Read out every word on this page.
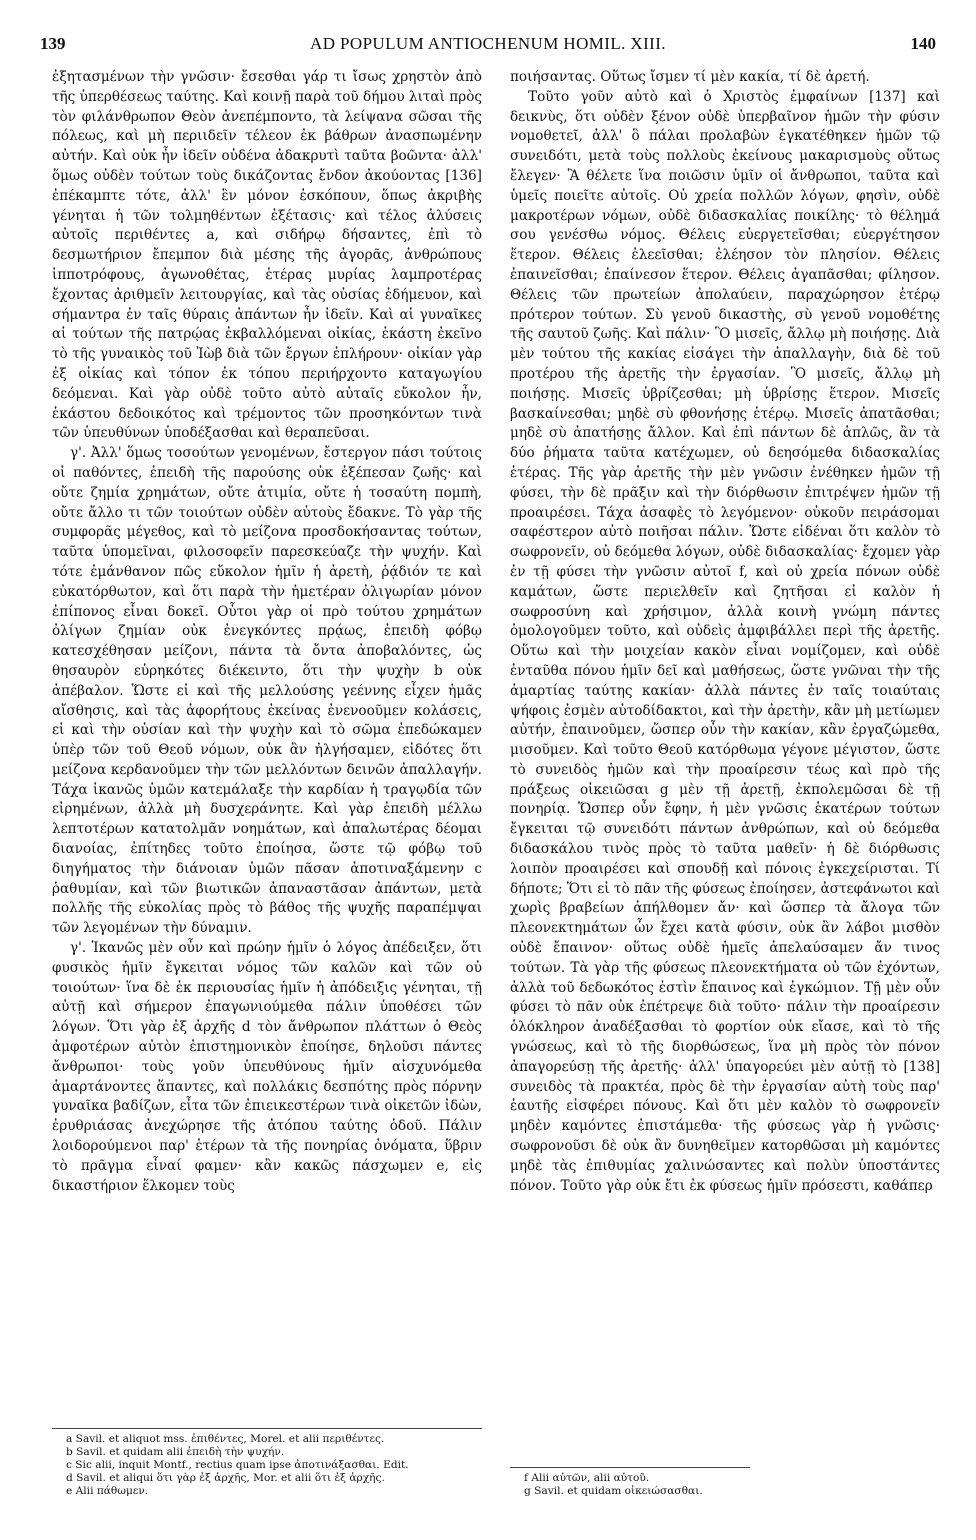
139	AD POPULUM ANTIOCHENUM HOMIL. XIII.	140

ἐξητασμένων τὴν γνῶσιν· ἔσεσθαι γάρ τι ἴσως χρηστὸν ἀπὸ τῆς ὑπερθέσεως ταύτης. Καὶ κοινῇ παρὰ τοῦ δήμου λιταὶ πρὸς τὸν φιλάνθρωπον Θεὸν ἀνεπέμποντο, τὰ λείψανα σῶσαι τῆς πόλεως, καὶ μὴ περιιδεῖν τέλεον ἐκ βάθρων ἀνασπωμένην αὐτήν. Καὶ οὐκ ἦν ἰδεῖν οὐδένα ἀδακρυτὶ ταῦτα βοῶντα· ἀλλ' ὅμως οὐδὲν τούτων τοὺς δικάζοντας ἔνδον ἀκούοντας [136] ἐπέκαμπτε τότε, ἀλλ' ἓν μόνον ἐσκόπουν, ὅπως ἀκριβὴς γένηται ἡ τῶν τολμηθέντων ἐξέτασις· καὶ τέλος ἁλύσεις αὐτοῖς περιθέντες a, καὶ σιδήρῳ δήσαντες, ἐπὶ τὸ δεσμωτήριον ἔπεμπον διὰ μέσης τῆς ἀγορᾶς, ἀνθρώπους ἱπποτρόφους, ἀγωνοθέτας, ἑτέρας μυρίας λαμπροτέρας ἔχοντας ἀριθμεῖν λειτουργίας, καὶ τὰς οὐσίας ἐδήμευον, καὶ σήμαντρα ἐν ταῖς θύραις ἁπάντων ἦν ἰδεῖν. Καὶ αἱ γυναῖκες αἱ τούτων τῆς πατρῴας ἐκβαλλόμεναι οἰκίας, ἑκάστη ἐκεῖνο τὸ τῆς γυναικὸς τοῦ Ἰὼβ διὰ τῶν ἔργων ἐπλήρουν· οἰκίαν γὰρ ἐξ οἰκίας καὶ τόπον ἐκ τόπου περιήρχοντο καταγωγίου δεόμεναι. Καὶ γὰρ οὐδὲ τοῦτο αὐτὸ αὐταῖς εὔκολον ἦν, ἑκάστου δεδοικότος καὶ τρέμοντος τῶν προσηκόντων τινὰ τῶν ὑπευθύνων ὑποδέξασθαι καὶ θεραπεῦσαι.

γ'. Ἀλλ' ὅμως τοσούτων γενομένων, ἔστεργον πάσι τούτοις οἱ παθόντες, ἐπειδὴ τῆς παρούσης οὐκ ἐξέπεσαν ζωῆς· καὶ οὔτε ζημία χρημάτων, οὔτε ἀτιμία, οὔτε ἡ τοσαύτη πομπὴ, οὔτε ἄλλο τι τῶν τοιούτων οὐδὲν αὐτοὺς ἔδακνε. Τὸ γὰρ τῆς συμφορᾶς μέγεθος, καὶ τὸ μείζονα προσδοκήσαντας τούτων, ταῦτα ὑπομεῖναι, φιλοσοφεῖν παρεσκεύαζε τὴν ψυχήν. Καὶ τότε ἐμάνθανον πῶς εὔκολον ἡμῖν ἡ ἀρετὴ, ῥᾴδιόν τε καὶ εὐκατόρθωτον, καὶ ὅτι παρὰ τὴν ἡμετέραν ὀλιγωρίαν μόνον ἐπίπονος εἶναι δοκεῖ. Οὗτοι γὰρ οἱ πρὸ τούτου χρημάτων ὀλίγων ζημίαν οὐκ ἐνεγκόντες πρᾴως, ἐπειδὴ φόβῳ κατεσχέθησαν μείζονι, πάντα τὰ ὄντα ἀποβαλόντες, ὡς θησαυρὸν εὑρηκότες διέκειντο, ὅτι τὴν ψυχὴν b οὐκ ἀπέβαλον. Ὥστε εἰ καὶ τῆς μελλούσης γεέννης εἶχεν ἡμᾶς αἴσθησις, καὶ τὰς ἀφορήτους ἐκείνας ἐνενοοῦμεν κολάσεις, εἰ καὶ τὴν οὐσίαν καὶ τὴν ψυχὴν καὶ τὸ σῶμα ἐπεδώκαμεν ὑπὲρ τῶν τοῦ Θεοῦ νόμων, οὐκ ἂν ἠλγήσαμεν, εἰδότες ὅτι μείζονα κερδανοῦμεν τὴν τῶν μελλόντων δεινῶν ἀπαλλαγήν. Τάχα ἱκανῶς ὑμῶν κατεμάλαξε τὴν καρδίαν ἡ τραγῳδία τῶν εἰρημένων, ἀλλὰ μὴ δυσχεράνητε. Καὶ γὰρ ἐπειδὴ μέλλω λεπτοτέρων κατατολμᾶν νοημάτων, καὶ ἁπαλωτέρας δέομαι διανοίας, ἐπίτηδες τοῦτο ἐποίησα, ὥστε τῷ φόβῳ τοῦ διηγήματος τὴν διάνοιαν ὑμῶν πᾶσαν ἀποτιναξάμενην c ῥαθυμίαν, καὶ τῶν βιωτικῶν ἀπαναστᾶσαν ἀπάντων, μετὰ πολλῆς τῆς εὐκολίας πρὸς τὸ βάθος τῆς ψυχῆς παραπέμψαι τῶν λεγομένων τὴν δύναμιν.

γ'. Ἱκανῶς μὲν οὖν καὶ πρώην ἡμῖν ὁ λόγος ἀπέδειξεν, ὅτι φυσικὸς ἡμῖν ἔγκειται νόμος τῶν καλῶν καὶ τῶν οὐ τοιούτων· ἵνα δὲ ἐκ περιουσίας ἡμῖν ἡ ἀπόδειξις γένηται, τῇ αὐτῇ καὶ σήμερον ἐπαγωνιούμεθα πάλιν ὑποθέσει τῶν λόγων. Ὅτι γὰρ ἐξ ἀρχῆς d τὸν ἄνθρωπον πλάττων ὁ Θεὸς ἀμφοτέρων αὐτὸν ἐπιστημονικὸν ἐποίησε, δηλοῦσι πάντες ἄνθρωποι· τοὺς γοῦν ὑπευθύνους ἡμῖν αἰσχυνόμεθα ἁμαρτάνοντες ἅπαντες, καὶ πολλάκις δεσπότης πρὸς πόρνην γυναῖκα βαδίζων, εἶτα τῶν ἐπιεικεστέρων τινὰ οἰκετῶν ἰδὼν, ἐρυθριάσας ἀνεχώρησε τῆς ἀτόπου ταύτης ὁδοῦ. Πάλιν λοιδορούμενοι παρ' ἑτέρων τὰ τῆς πονηρίας ὀνόματα, ὕβριν τὸ πρᾶγμα εἶναί φαμεν· κἂν κακῶς πάσχωμεν e, εἰς δικαστήριον ἕλκομεν τοὺς

a Savil. et aliquot mss. ἐπιθέντες, Morel. et alii περιθέντες.
b Savil. et quidam alii ἐπειδὴ τὴν ψυχήν.
c Sic alii, inquit Montf., rectius quam ipse ἀποτινάξασθαι. Edit.
d Savil. et aliqui ὅτι γὰρ ἐξ ἀρχῆς, Mor. et alii ὅτι ἐξ ἀρχῆς.
e Alii πάθωμεν.

ποιήσαντας. Οὕτως ἴσμεν τί μὲν κακία, τί δὲ ἀρετή.

Τοῦτο γοῦν αὐτὸ καὶ ὁ Χριστὸς ἐμφαίνων [137] καὶ δεικνὺς, ὅτι οὐδὲν ξένον οὐδὲ ὑπερβαῖνον ἡμῶν τὴν φύσιν νομοθετεῖ, ἀλλ' ὃ πάλαι προλαβὼν ἐγκατέθηκεν ἡμῶν τῷ συνειδότι, μετὰ τοὺς πολλοὺς ἐκείνους μακαρισμοὺς οὕτως ἔλεγεν· Ἃ θέλετε ἵνα ποιῶσιν ὑμῖν οἱ ἄνθρωποι, ταῦτα καὶ ὑμεῖς ποιεῖτε αὐτοῖς. Οὐ χρεία πολλῶν λόγων, φησὶν, οὐδὲ μακροτέρων νόμων, οὐδὲ διδασκαλίας ποικίλης· τὸ θέλημά σου γενέσθω νόμος. Θέλεις εὐεργετεῖσθαι; εὐεργέτησον ἕτερον. Θέλεις ἐλεεῖσθαι; ἐλέησον τὸν πλησίον. Θέλεις ἐπαινεῖσθαι; ἐπαίνεσον ἕτερον. Θέλεις ἀγαπᾶσθαι; φίλησον. Θέλεις τῶν πρωτείων ἀπολαύειν, παραχώρησον ἑτέρῳ πρότερον τούτων. Σὺ γενοῦ δικαστὴς, σὺ γενοῦ νομοθέτης τῆς σαυτοῦ ζωῆς. Καὶ πάλιν· Ὃ μισεῖς, ἄλλῳ μὴ ποιήσῃς. Διὰ μὲν τούτου τῆς κακίας εἰσάγει τὴν ἀπαλλαγὴν, διὰ δὲ τοῦ προτέρου τῆς ἀρετῆς τὴν ἐργασίαν. Ὃ μισεῖς, ἄλλῳ μὴ ποιήσῃς. Μισεῖς ὑβρίζεσθαι; μὴ ὑβρίσῃς ἕτερον. Μισεῖς βασκαίνεσθαι; μηδὲ σὺ φθονήσῃς ἑτέρῳ. Μισεῖς ἀπατᾶσθαι; μηδὲ σὺ ἀπατήσῃς ἄλλον. Καὶ ἐπὶ πάντων δὲ ἁπλῶς, ἂν τὰ δύο ῥήματα ταῦτα κατέχωμεν, οὐ δεησόμεθα διδασκαλίας ἑτέρας. Τῆς γὰρ ἀρετῆς τὴν μὲν γνῶσιν ἐνέθηκεν ἡμῶν τῇ φύσει, τὴν δὲ πρᾶξιν καὶ τὴν διόρθωσιν ἐπιτρέψεν ἡμῶν τῇ προαιρέσει. Τάχα ἀσαφὲς τὸ λεγόμενον· οὐκοῦν πειράσομαι σαφέστερον αὐτὸ ποιῆσαι πάλιν. Ὥστε εἰδέναι ὅτι καλὸν τὸ σωφρονεῖν, οὐ δεόμεθα λόγων, οὐδὲ διδασκαλίας· ἔχομεν γὰρ ἐν τῇ φύσει τὴν γνῶσιν αὐτοῖ f, καὶ οὐ χρεία πόνων οὐδὲ καμάτων, ὥστε περιελθεῖν καὶ ζητῆσαι εἰ καλὸν ἡ σωφροσύνη καὶ χρήσιμον, ἀλλὰ κοινὴ γνώμη πάντες ὁμολογοῦμεν τοῦτο, καὶ οὐδεὶς ἀμφιβάλλει περὶ τῆς ἀρετῆς. Οὕτω καὶ τὴν μοιχείαν κακὸν εἶναι νομίζομεν, καὶ οὐδὲ ἐνταῦθα πόνου ἡμῖν δεῖ καὶ μαθήσεως, ὥστε γνῶναι τὴν τῆς ἁμαρτίας ταύτης κακίαν· ἀλλὰ πάντες ἐν ταῖς τοιαύταις ψήφοις ἐσμὲν αὐτοδίδακτοι, καὶ τὴν ἀρετὴν, κἂν μὴ μετίωμεν αὐτήν, ἐπαινοῦμεν, ὥσπερ οὖν τὴν κακίαν, κἂν ἐργαζώμεθα, μισοῦμεν. Καὶ τοῦτο Θεοῦ κατόρθωμα γέγονε μέγιστον, ὥστε τὸ συνειδὸς ἡμῶν καὶ τὴν προαίρεσιν τέως καὶ πρὸ τῆς πράξεως οἰκειῶσαι g μὲν τῇ ἀρετῇ, ἐκπολεμῶσαι δὲ τῇ πονηρίᾳ. Ὥσπερ οὖν ἔφην, ἡ μὲν γνῶσις ἑκατέρων τούτων ἔγκειται τῷ συνειδότι πάντων ἀνθρώπων, καὶ οὐ δεόμεθα διδασκάλου τινὸς πρὸς τὸ ταῦτα μαθεῖν· ἡ δὲ διόρθωσις λοιπὸν προαιρέσει καὶ σπουδῇ καὶ πόνοις ἐγκεχείρισται. Τί δήποτε; Ὅτι εἰ τὸ πᾶν τῆς φύσεως ἐποίησεν, ἀστεφάνωτοι καὶ χωρὶς βραβείων ἀπήλθομεν ἄν· καὶ ὥσπερ τὰ ἄλογα τῶν πλεονεκτημάτων ὧν ἔχει κατὰ φύσιν, οὐκ ἂν λάβοι μισθὸν οὐδὲ ἔπαινον· οὕτως οὐδὲ ἡμεῖς ἀπελαύσαμεν ἄν τινος τούτων. Τὰ γὰρ τῆς φύσεως πλεονεκτήματα οὐ τῶν ἐχόντων, ἀλλὰ τοῦ δεδωκότος ἐστὶν ἔπαινος καὶ ἐγκώμιον. Τῇ μὲν οὖν φύσει τὸ πᾶν οὐκ ἐπέτρεψε διὰ τοῦτο· πάλιν τὴν προαίρεσιν ὁλόκληρον ἀναδέξασθαι τὸ φορτίον οὐκ εἴασε, καὶ τὸ τῆς γνώσεως, καὶ τὸ τῆς διορθώσεως, ἵνα μὴ πρὸς τὸν πόνον ἀπαγορεύσῃ τῆς ἀρετῆς· ἀλλ' ὑπαγορεύει μὲν αὐτῇ τὸ [138] συνειδὸς τὰ πρακτέα, πρὸς δὲ τὴν ἐργασίαν αὐτὴ τοὺς παρ' ἑαυτῆς εἰσφέρει πόνους. Καὶ ὅτι μὲν καλὸν τὸ σωφρονεῖν μηδὲν καμόντες ἐπιστάμεθα· τῆς φύσεως γὰρ ἡ γνῶσις· σωφρονοῦσι δὲ οὐκ ἂν δυνηθεῖμεν κατορθῶσαι μὴ καμόντες μηδὲ τὰς ἐπιθυμίας χαλινώσαντες καὶ πολὺν ὑποστάντες πόνον. Τοῦτο γὰρ οὐκ ἔτι ἐκ φύσεως ἡμῖν πρόσεστι, καθάπερ

f Alii αὐτῶν, alii αὐτοῦ.
g Savil. et quidam οἰκειώσασθαι.
